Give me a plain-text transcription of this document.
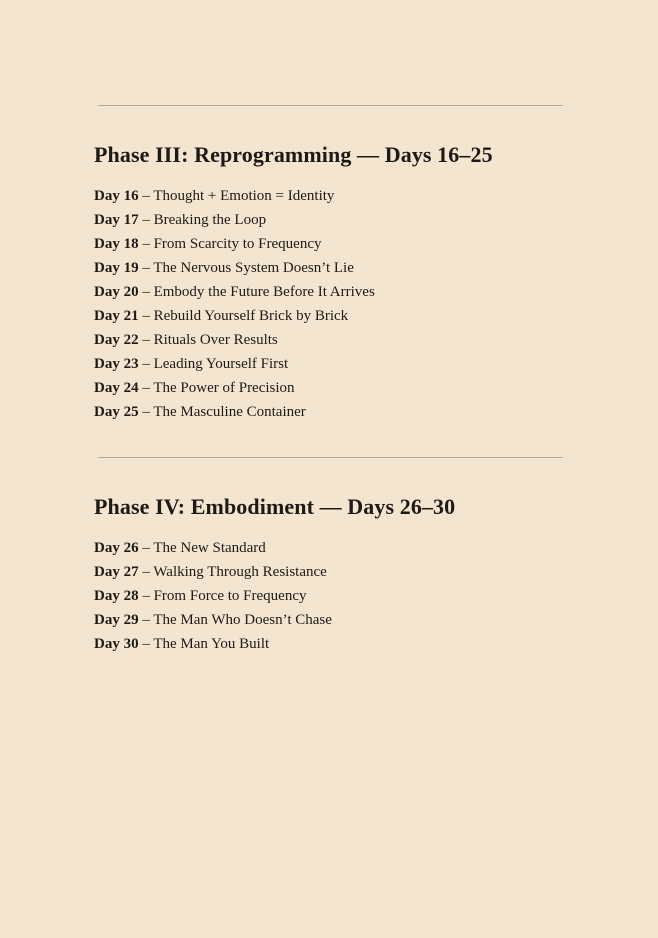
Phase III: Reprogramming — Days 16–25
Day 16 – Thought + Emotion = Identity
Day 17 – Breaking the Loop
Day 18 – From Scarcity to Frequency
Day 19 – The Nervous System Doesn’t Lie
Day 20 – Embody the Future Before It Arrives
Day 21 – Rebuild Yourself Brick by Brick
Day 22 – Rituals Over Results
Day 23 – Leading Yourself First
Day 24 – The Power of Precision
Day 25 – The Masculine Container
Phase IV: Embodiment — Days 26–30
Day 26 – The New Standard
Day 27 – Walking Through Resistance
Day 28 – From Force to Frequency
Day 29 – The Man Who Doesn’t Chase
Day 30 – The Man You Built
